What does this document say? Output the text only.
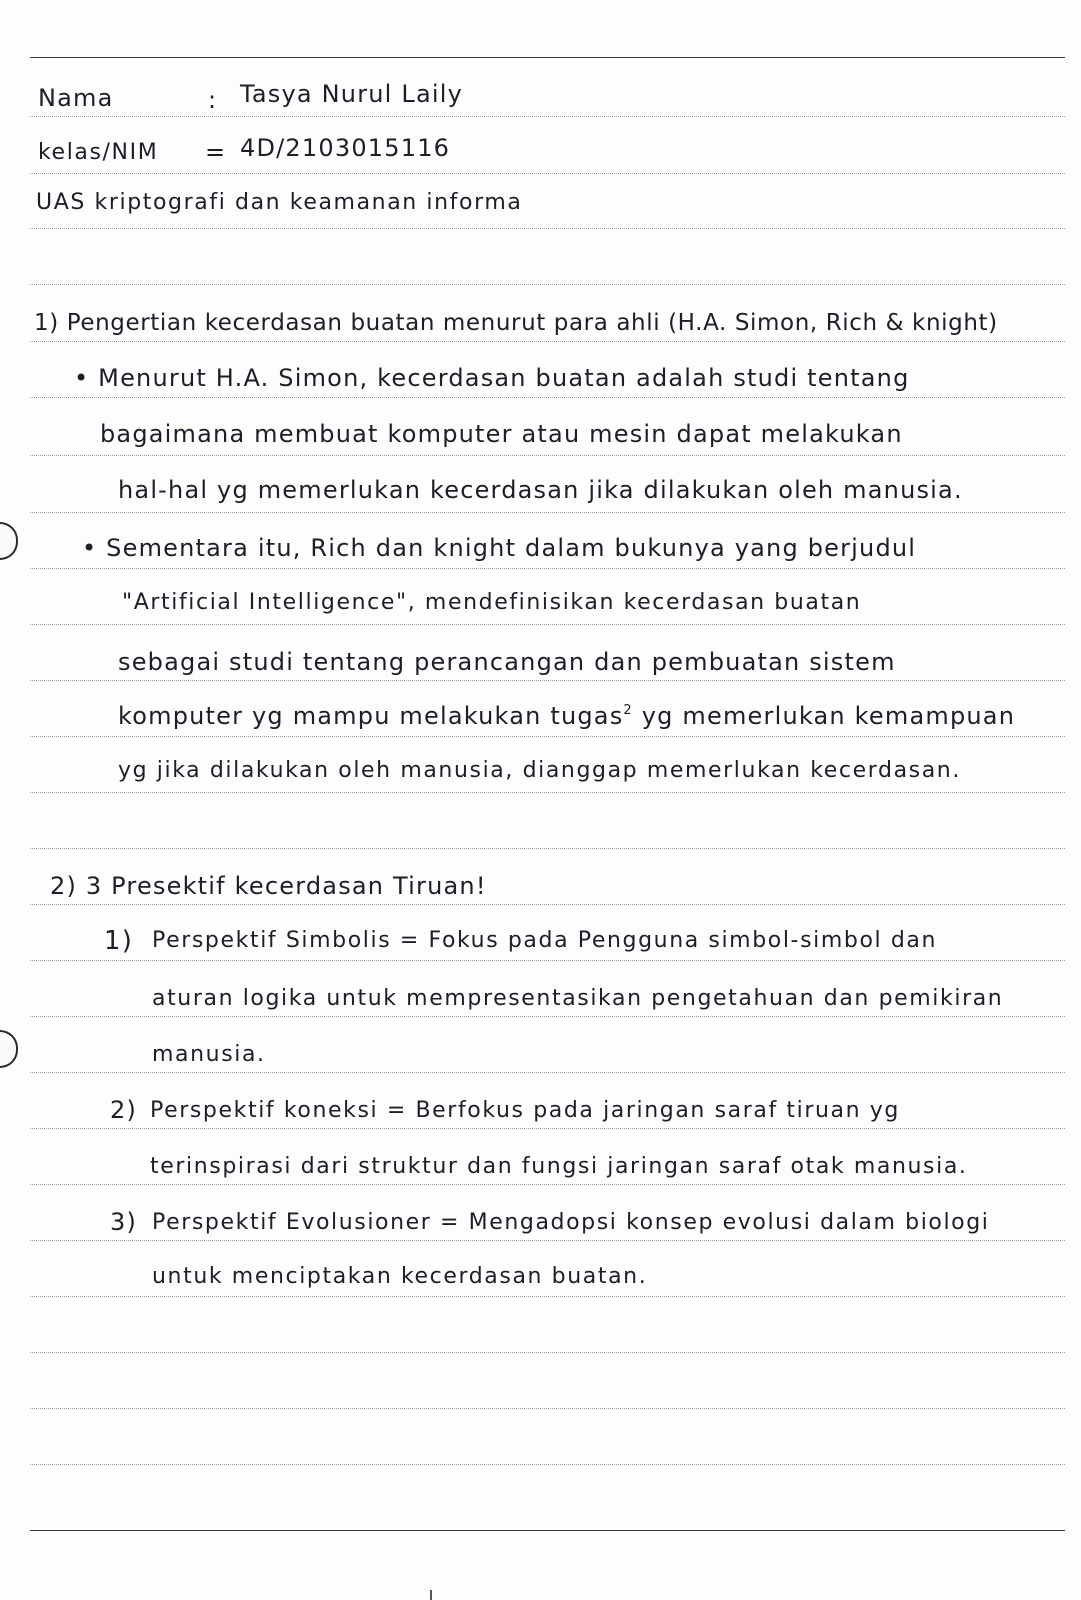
Nama	: Tasya Nurul Laily
kelas/NIM = 4D/2103015116
UAS kriptografi dan keamanan informa
1) Pengertian kecerdasan buatan menurut para ahli (H.A. Simon, Rich & knight)
• Menurut H.A. Simon, kecerdasan buatan adalah studi tentang
bagaimana membuat komputer atau mesin dapat melakukan
hal-hal yg memerlukan kecerdasan jika dilakukan oleh manusia.
• Sementara itu, Rich dan knight dalam bukunya yang berjudul
"Artificial Intelligence", mendefinisikan kecerdasan buatan
sebagai studi tentang perancangan dan pembuatan sistem
komputer yg mampu melakukan tugas$^2$ yg memerlukan kemampuan
yg jika dilakukan oleh manusia, dianggap memerlukan kecerdasan.
2) 3 Presektif kecerdasan Tiruan!
1) Perspektif Simbolis = Fokus pada Pengguna simbol-simbol dan
aturan logika untuk mempresentasikan pengetahuan dan pemikiran
manusia.
2) Perspektif koneksi = Berfokus pada jaringan saraf tiruan yg
terinspirasi dari struktur dan fungsi jaringan saraf otak manusia.
3) Perspektif Evolusioner = Mengadopsi konsep evolusi dalam biologi
untuk menciptakan kecerdasan buatan.
